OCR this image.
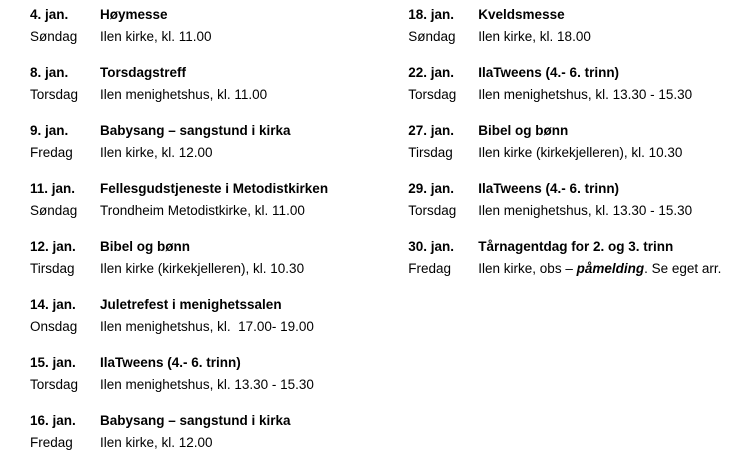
4. jan.
Søndag
Høymesse
Ilen kirke, kl. 11.00
8. jan.
Torsdag
Torsdagstreff
Ilen menighetshus, kl. 11.00
9. jan.
Fredag
Babysang – sangstund i kirka
Ilen kirke, kl. 12.00
11. jan.
Søndag
Fellesgudstjeneste i Metodistkirken
Trondheim Metodistkirke, kl. 11.00
12. jan.
Tirsdag
Bibel og bønn
Ilen kirke (kirkekjelleren), kl. 10.30
14. jan.
Onsdag
Juletrefest i menighetssalen
Ilen menighetshus, kl.  17.00- 19.00
15. jan.
Torsdag
IlaTweens (4.- 6. trinn)
Ilen menighetshus, kl. 13.30 - 15.30
16. jan.
Fredag
Babysang – sangstund i kirka
Ilen kirke, kl. 12.00
18. jan.
Søndag
Kveldsmesse
Ilen kirke, kl. 18.00
22. jan.
Torsdag
IlaTweens (4.- 6. trinn)
Ilen menighetshus, kl. 13.30 - 15.30
27. jan.
Tirsdag
Bibel og bønn
Ilen kirke (kirkekjelleren), kl. 10.30
29. jan.
Torsdag
IlaTweens (4.- 6. trinn)
Ilen menighetshus, kl. 13.30 - 15.30
30. jan.
Fredag
Tårnagentdag for 2. og 3. trinn
Ilen kirke, obs – påmelding. Se eget arr.
